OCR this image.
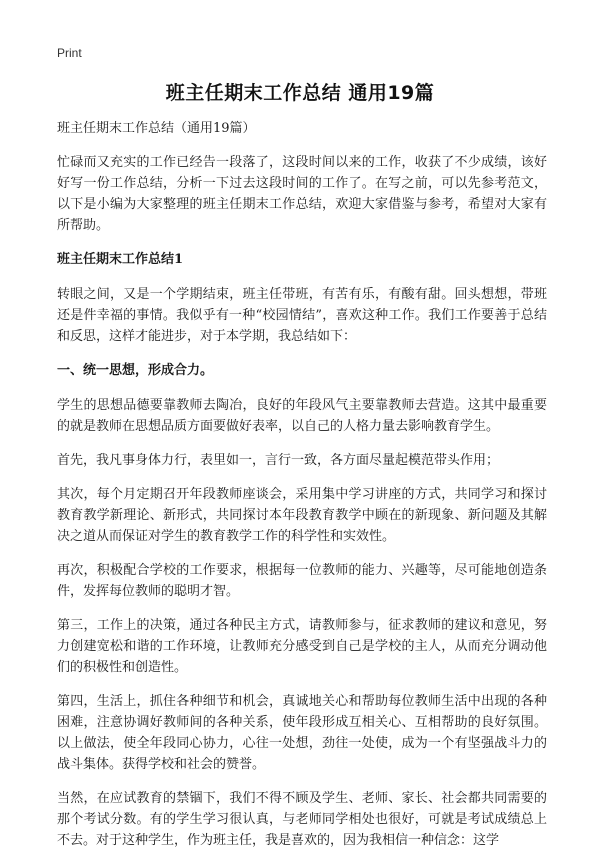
Print
班主任期末工作总结 通用19篇

班主任期末工作总结（通用19篇）

忙碌而又充实的工作已经告一段落了，这段时间以来的工作，收获了不少成绩，该好好写一份工作总结，分析一下过去这段时间的工作了。在写之前，可以先参考范文，以下是小编为大家整理的班主任期末工作总结，欢迎大家借鉴与参考，希望对大家有所帮助。

班主任期末工作总结1

转眼之间，又是一个学期结束，班主任带班，有苦有乐，有酸有甜。回头想想，带班还是件幸福的事情。我似乎有一种“校园情结”，喜欢这种工作。我们工作要善于总结和反思，这样才能进步，对于本学期，我总结如下：

一、统一思想，形成合力。

学生的思想品德要靠教师去陶冶，良好的年段风气主要靠教师去营造。这其中最重要的就是教师在思想品质方面要做好表率，以自己的人格力量去影响教育学生。

首先，我凡事身体力行，表里如一，言行一致，各方面尽量起模范带头作用；

其次，每个月定期召开年段教师座谈会，采用集中学习讲座的方式，共同学习和探讨教育教学新理论、新形式，共同探讨本年段教育教学中顾在的新现象、新问题及其解决之道从而保证对学生的教育教学工作的科学性和实效性。

再次，积极配合学校的工作要求，根据每一位教师的能力、兴趣等，尽可能地创造条件，发挥每位教师的聪明才智。

第三，工作上的决策，通过各种民主方式，请教师参与，征求教师的建议和意见，努力创建宽松和谐的工作环境，让教师充分感受到自己是学校的主人，从而充分调动他们的积极性和创造性。

第四，生活上，抓住各种细节和机会，真诚地关心和帮助每位教师生活中出现的各种困难，注意协调好教师间的各种关系，使年段形成互相关心、互相帮助的良好氛围。以上做法，使全年段同心协力，心往一处想，劲往一处使，成为一个有坚强战斗力的战斗集体。获得学校和社会的赞誉。

当然，在应试教育的禁锢下，我们不得不顾及学生、老师、家长、社会都共同需要的那个考试分数。有的学生学习很认真，与老师同学相处也很好，可就是考试成绩总上不去。对于这种学生，作为班主任，我是喜欢的，因为我相信一种信念：这学
